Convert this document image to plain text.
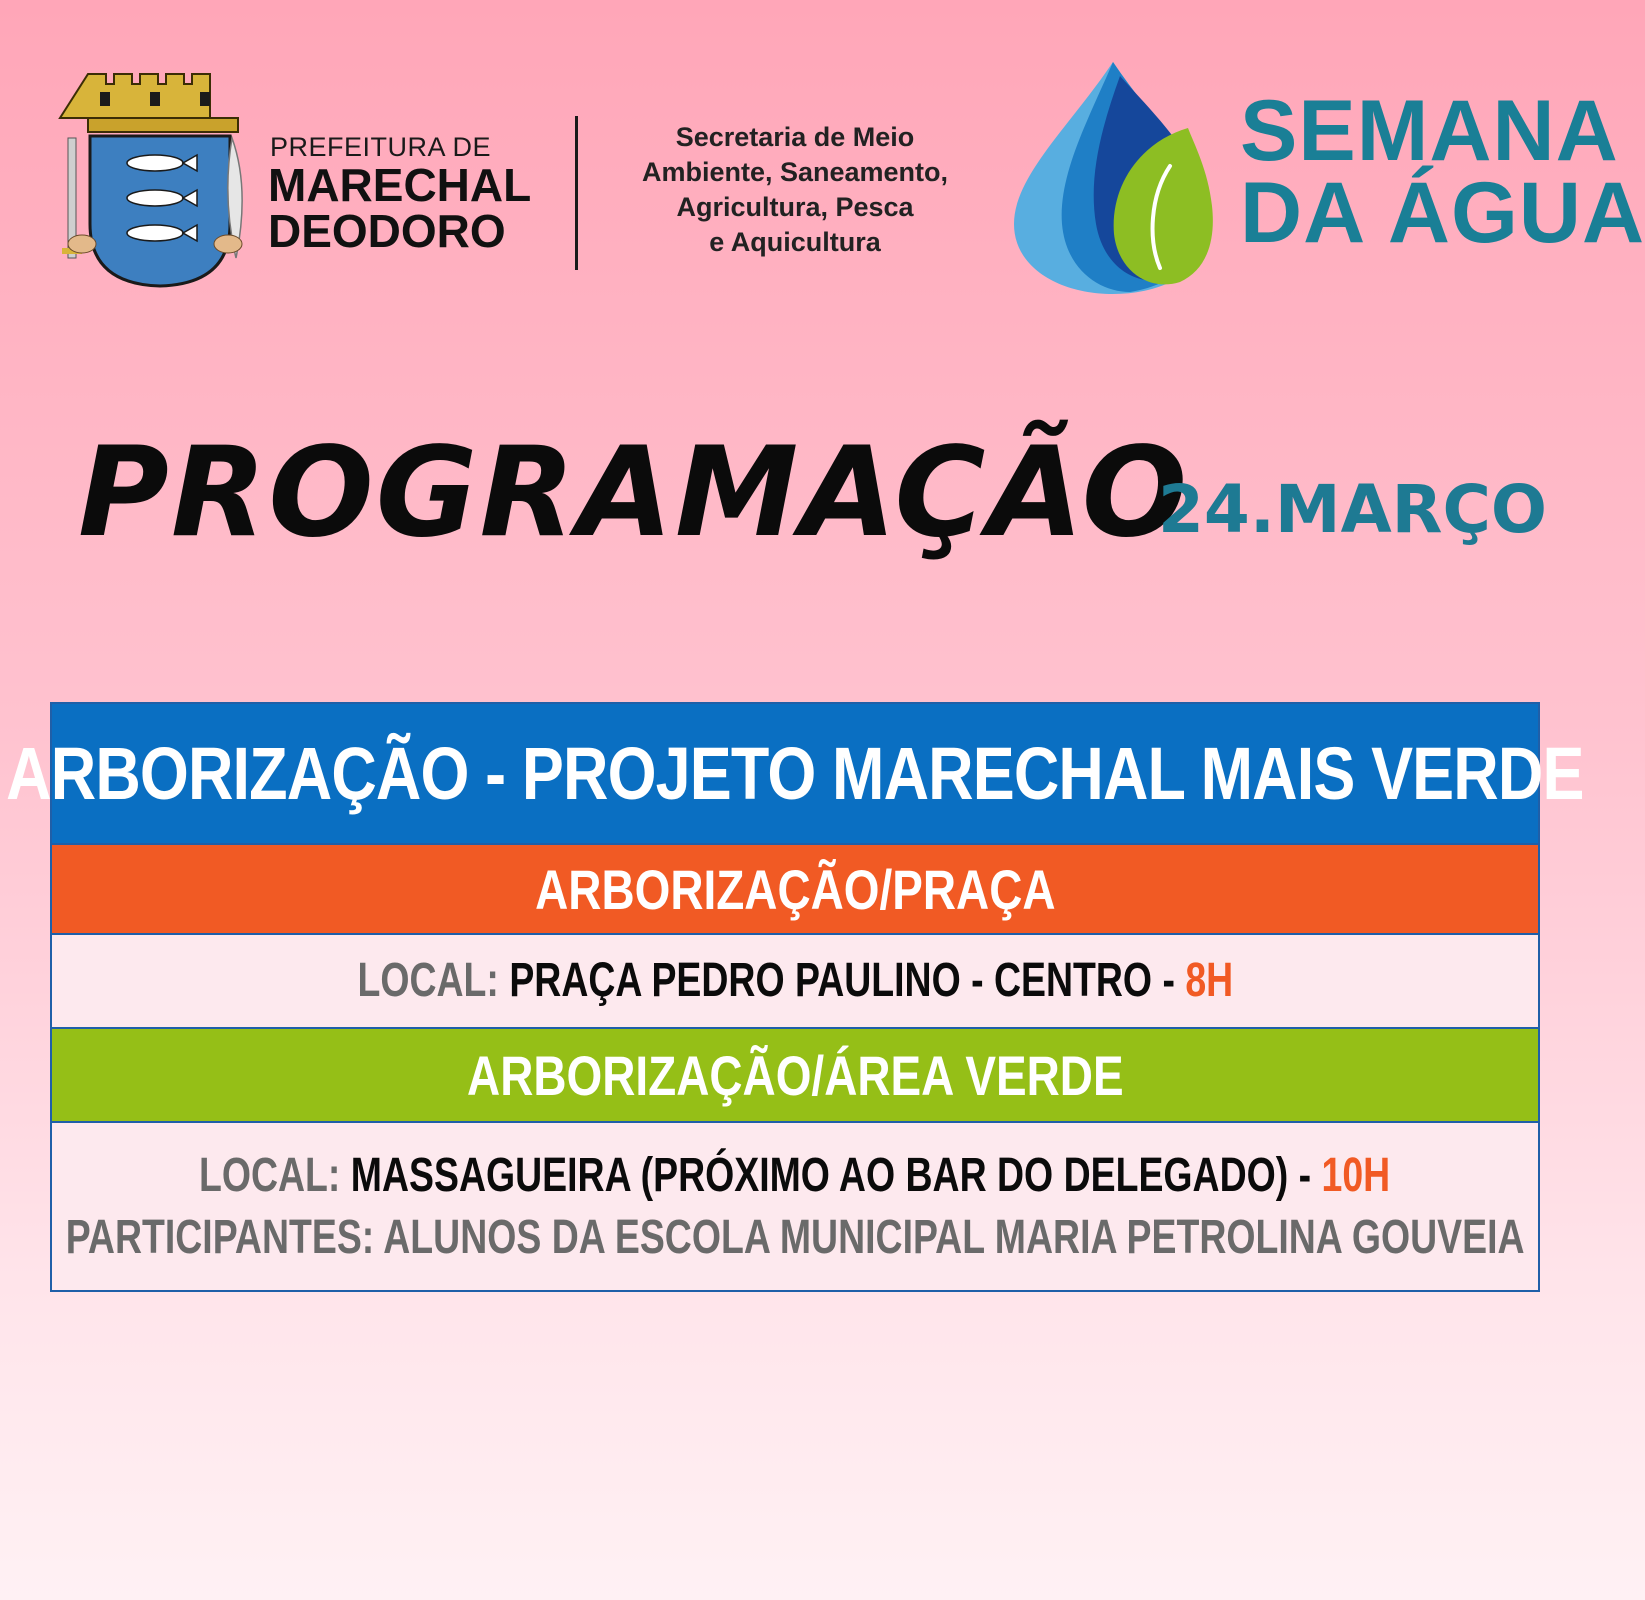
PREFEITURA DE
MARECHAL
DEODORO
Secretaria de Meio
Ambiente, Saneamento,
Agricultura, Pesca
e Aquicultura
SEMANA
DA ÁGUA
PROGRAMAÇÃO
24.MARÇO
ARBORIZAÇÃO - PROJETO MARECHAL MAIS VERDE
ARBORIZAÇÃO/PRAÇA
LOCAL: PRAÇA PEDRO PAULINO - CENTRO - 8H
ARBORIZAÇÃO/ÁREA VERDE
LOCAL: MASSAGUEIRA (PRÓXIMO AO BAR DO DELEGADO) - 10H
PARTICIPANTES: ALUNOS DA ESCOLA MUNICIPAL MARIA PETROLINA GOUVEIA
